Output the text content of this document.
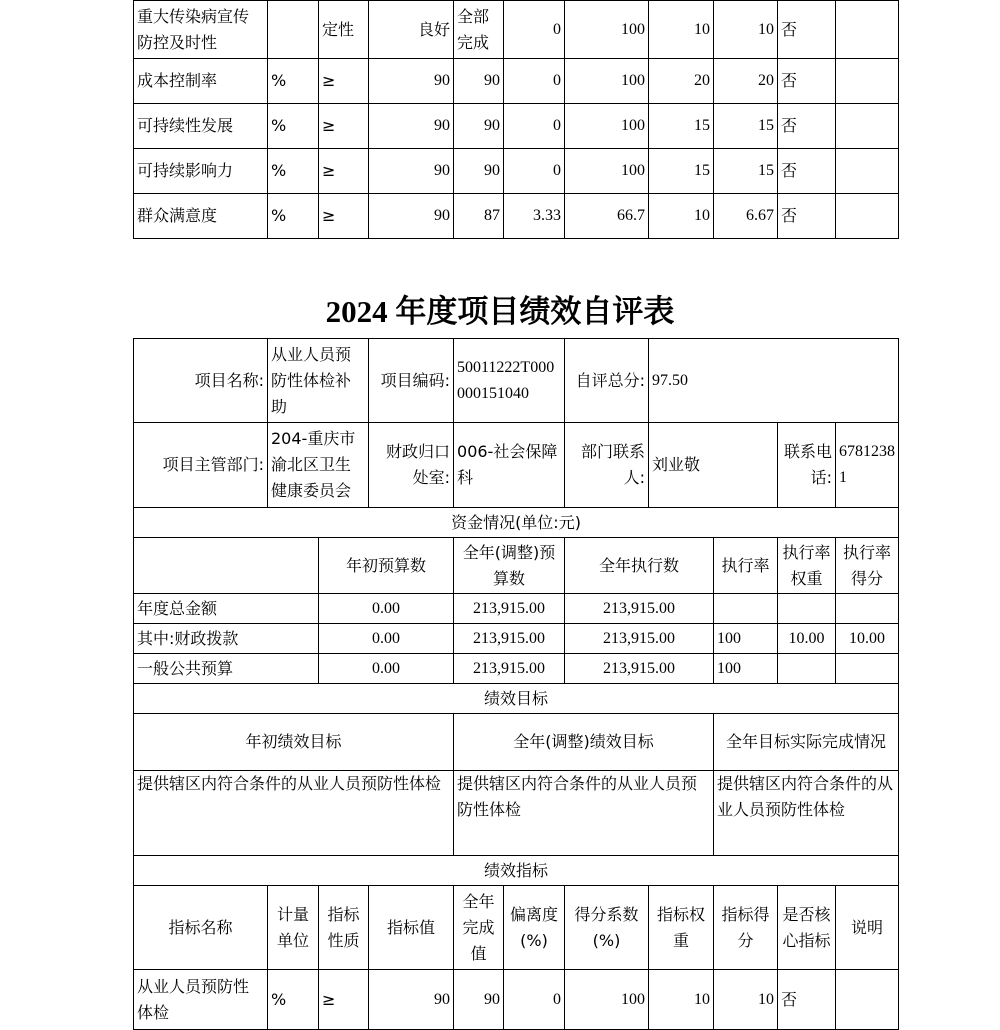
重大传染病宣传防控及时性		定性	良好	全部完成	0	100	10	10	否	
成本控制率	%	≥	90	90	0	100	20	20	否	
可持续性发展	%	≥	90	90	0	100	15	15	否	
可持续影响力	%	≥	90	90	0	100	15	15	否	
群众满意度	%	≥	90	87	3.33	66.7	10	6.67	否	
2024 年度项目绩效自评表
项目名称:	从业人员预防性体检补助		项目编码:	50011222T000000151040		自评总分:	97.50			
项目主管部门:	204-重庆市渝北区卫生健康委员会		财政归口处室:	006-社会保障科		部门联系人:	刘业敬		联系电话:	67812381
资金情况(单位:元)										
		年初预算数		全年(调整)预算数		全年执行数		执行率	执行率权重	执行率得分
年度总金额		0.00		213,915.00		213,915.00				
其中:财政拨款		0.00		213,915.00		213,915.00		100	10.00	10.00
一般公共预算		0.00		213,915.00		213,915.00		100		
绩效目标										
年初绩效目标				全年(调整)绩效目标				全年目标实际完成情况		
提供辖区内符合条件的从业人员预防性体检				提供辖区内符合条件的从业人员预防性体检				提供辖区内符合条件的从业人员预防性体检		
绩效指标										
指标名称	计量单位	指标性质	指标值	全年完成值	偏离度(%)	得分系数(%)	指标权重	指标得分	是否核心指标	说明
从业人员预防性体检	%	≥	90	90	0	100	10	10	否	
